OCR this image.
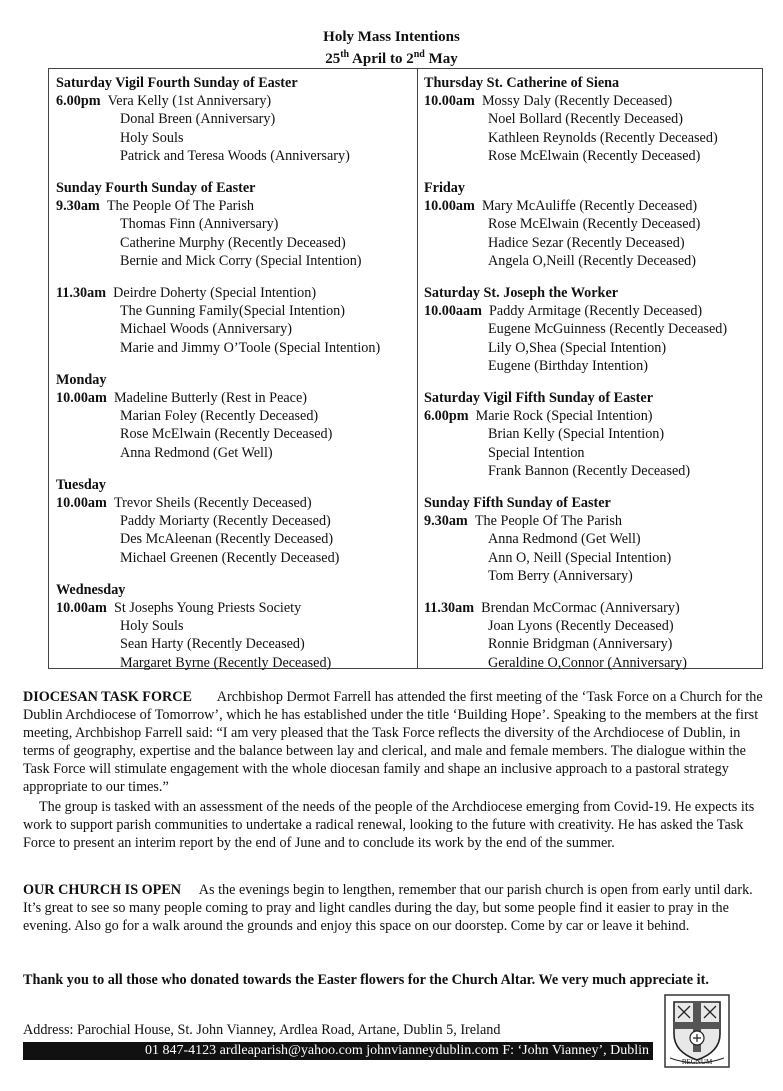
Holy Mass Intentions
25th April to 2nd May
Saturday Vigil Fourth Sunday of Easter
6.00pm Vera Kelly (1st Anniversary)
Donal Breen (Anniversary)
Holy Souls
Patrick and Teresa Woods (Anniversary)
Sunday Fourth Sunday of Easter
9.30am The People Of The Parish
Thomas Finn (Anniversary)
Catherine Murphy (Recently Deceased)
Bernie and Mick Corry (Special Intention)
11.30am Deirdre Doherty (Special Intention)
The Gunning Family(Special Intention)
Michael Woods (Anniversary)
Marie and Jimmy O’Toole (Special Intention)
Monday
10.00am Madeline Butterly (Rest in Peace)
Marian Foley (Recently Deceased)
Rose McElwain (Recently Deceased)
Anna Redmond (Get Well)
Tuesday
10.00am Trevor Sheils (Recently Deceased)
Paddy Moriarty (Recently Deceased)
Des McAleenan (Recently Deceased)
Michael Greenen (Recently Deceased)
Wednesday
10.00am St Josephs Young Priests Society
Holy Souls
Sean Harty (Recently Deceased)
Margaret Byrne (Recently Deceased)
Thursday St. Catherine of Siena
10.00am Mossy Daly (Recently Deceased)
Noel Bollard (Recently Deceased)
Kathleen Reynolds (Recently Deceased)
Rose McElwain (Recently Deceased)
Friday
10.00am Mary McAuliffe (Recently Deceased)
Rose McElwain (Recently Deceased)
Hadice Sezar (Recently Deceased)
Angela O,Neill (Recently Deceased)
Saturday St. Joseph the Worker
10.00aam Paddy Armitage (Recently Deceased)
Eugene McGuinness (Recently Deceased)
Lily O,Shea (Special Intention)
Eugene (Birthday Intention)
Saturday Vigil Fifth Sunday of Easter
6.00pm Marie Rock (Special Intention)
Brian Kelly (Special Intention)
Special Intention
Frank Bannon (Recently Deceased)
Sunday Fifth Sunday of Easter
9.30am The People Of The Parish
Anna Redmond (Get Well)
Ann O, Neill (Special Intention)
Tom Berry (Anniversary)
11.30am Brendan McCormac (Anniversary)
Joan Lyons (Recently Deceased)
Ronnie Bridgman (Anniversary)
Geraldine O,Connor (Anniversary)
DIOCESAN TASK FORCE Archbishop Dermot Farrell has attended the first meeting of the ‘Task Force on a Church for the Dublin Archdiocese of Tomorrow’, which he has established under the title ‘Building Hope’. Speaking to the members at the first meeting, Archbishop Farrell said: “I am very pleased that the Task Force reflects the diversity of the Archdiocese of Dublin, in terms of geography, expertise and the balance between lay and clerical, and male and female members. The dialogue within the Task Force will stimulate engagement with the whole diocesan family and shape an inclusive approach to a pastoral strategy appropriate to our times.”
The group is tasked with an assessment of the needs of the people of the Archdiocese emerging from Covid-19. He expects its work to support parish communities to undertake a radical renewal, looking to the future with creativity. He has asked the Task Force to present an interim report by the end of June and to conclude its work by the end of the summer.
OUR CHURCH IS OPEN As the evenings begin to lengthen, remember that our parish church is open from early until dark. It’s great to see so many people coming to pray and light candles during the day, but some people find it easier to pray in the evening. Also go for a walk around the grounds and enjoy this space on our doorstep. Come by car or leave it behind.
Thank you to all those who donated towards the Easter flowers for the Church Altar. We very much appreciate it.
Address: Parochial House, St. John Vianney, Ardlea Road, Artane, Dublin 5, Ireland
01 847-4123 ardleaparish@yahoo.com johnvianneydublin.com F: ‘John Vianney’, Dublin
REGNUM
